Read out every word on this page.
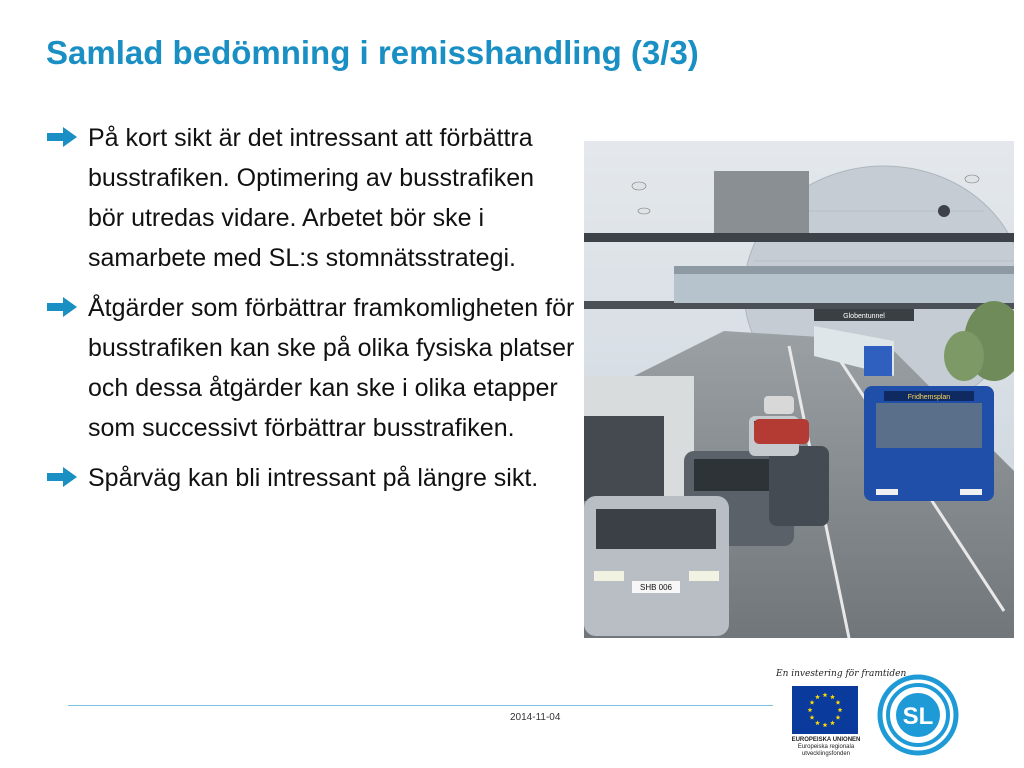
Samlad bedömning i remisshandling (3/3)
På kort sikt är det intressant att förbättra busstrafiken. Optimering av busstrafiken bör utredas vidare. Arbetet bör ske i samarbete med SL:s stomnätsstrategi.
Åtgärder som förbättrar framkomligheten för busstrafiken kan ske på olika fysiska platser och dessa åtgärder kan ske i olika etapper som successivt förbättrar busstrafiken.
Spårväg kan bli intressant på längre sikt.
Globentunnel
Fridhemsplan
SHB 006
2014-11-04
En investering för framtiden
EUROPEISKA UNIONEN
Europeiska regionala
utvecklingsfonden
SL
